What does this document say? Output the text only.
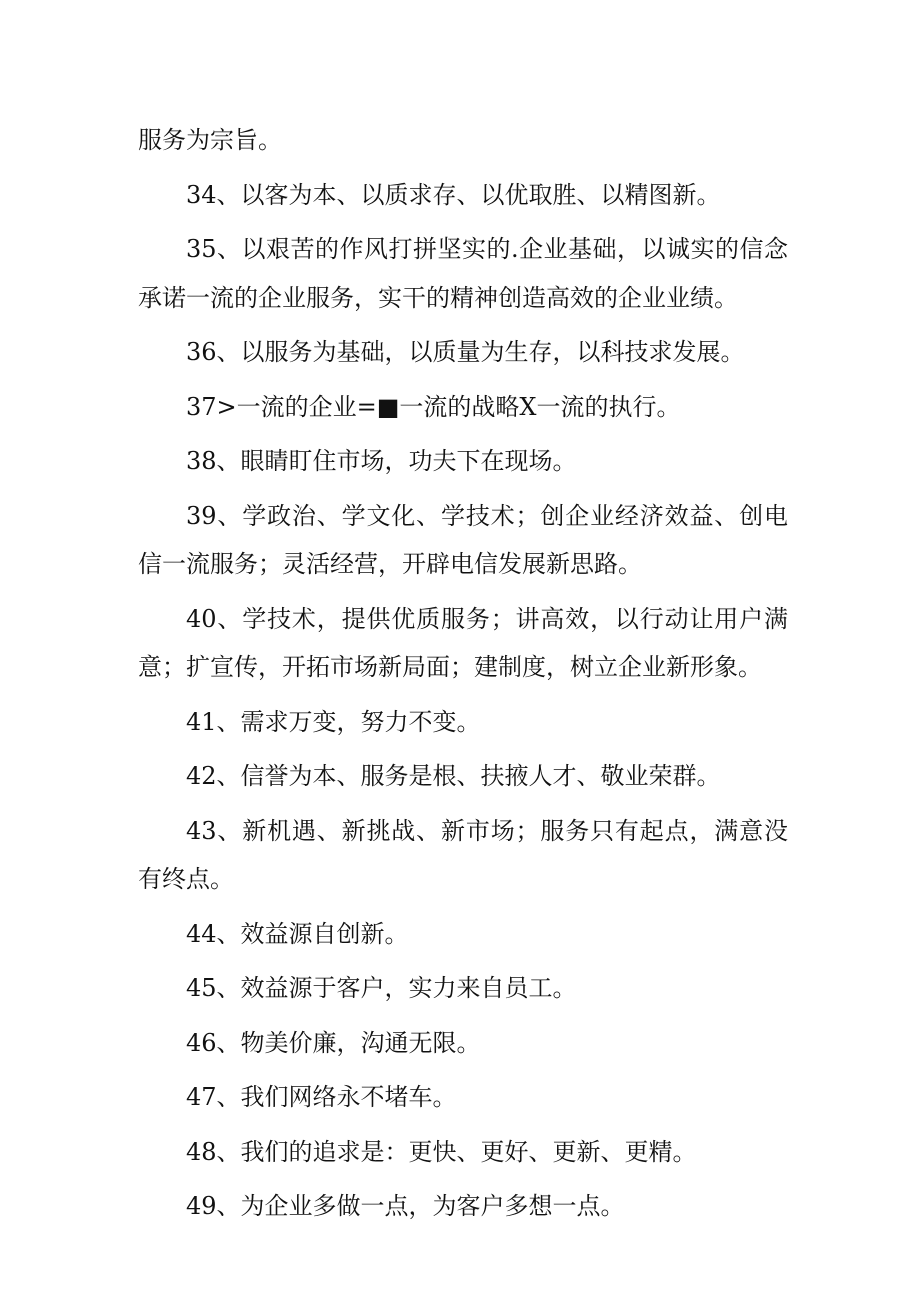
服务为宗旨。

34、以客为本、以质求存、以优取胜、以精图新。

35、以艰苦的作风打拼坚实的.企业基础，以诚实的信念承诺一流的企业服务，实干的精神创造高效的企业业绩。

36、以服务为基础，以质量为生存，以科技求发展。

37>一流的企业=■一流的战略X一流的执行。

38、眼睛盯住市场，功夫下在现场。

39、学政治、学文化、学技术；创企业经济效益、创电信一流服务；灵活经营，开辟电信发展新思路。

40、学技术，提供优质服务；讲高效，以行动让用户满意；扩宣传，开拓市场新局面；建制度，树立企业新形象。

41、需求万变，努力不变。

42、信誉为本、服务是根、扶掖人才、敬业荣群。

43、新机遇、新挑战、新市场；服务只有起点，满意没有终点。

44、效益源自创新。

45、效益源于客户，实力来自员工。

46、物美价廉，沟通无限。

47、我们网络永不堵车。

48、我们的追求是：更快、更好、更新、更精。

49、为企业多做一点，为客户多想一点。
